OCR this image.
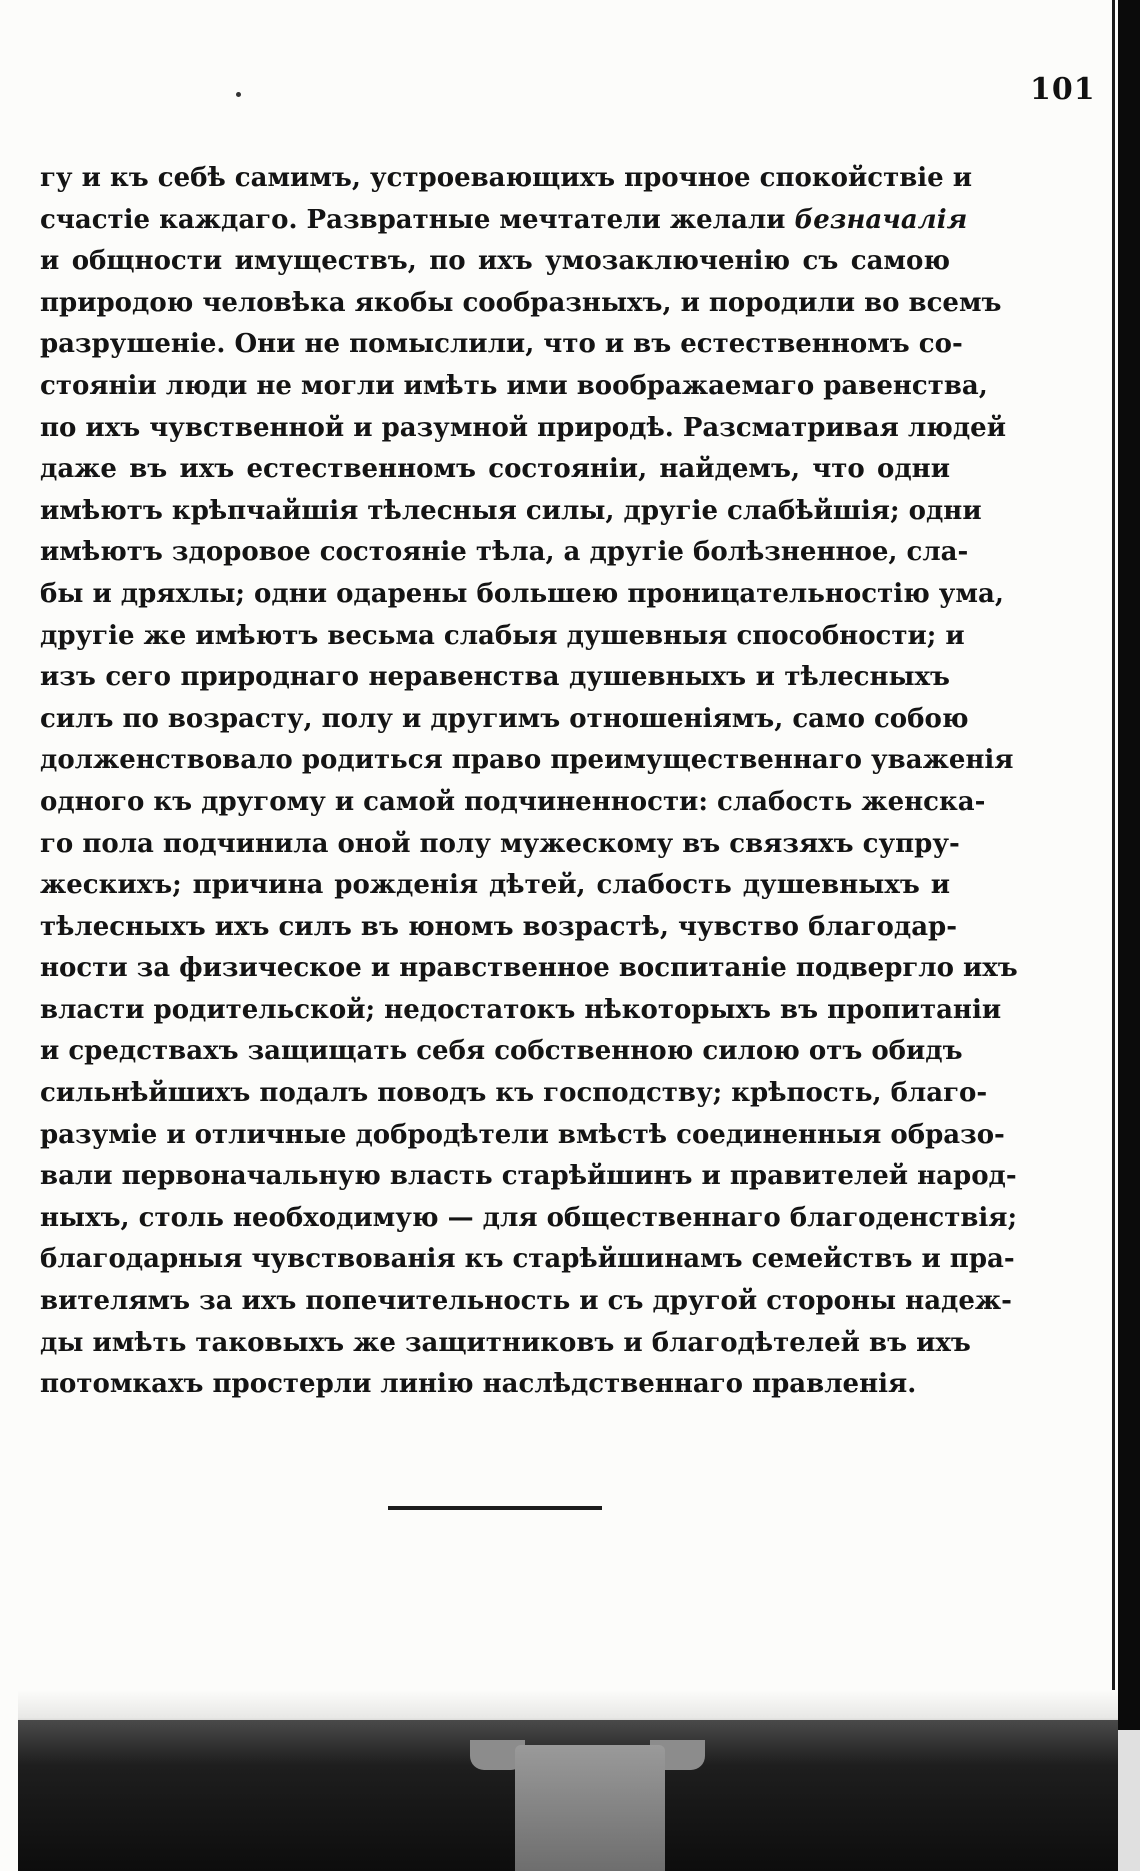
101
гу и къ себѣ самимъ, устроевающихъ прочное спокойствіе и
счастіе каждаго. Развратные мечтатели желали безначалія
и общности имуществъ, по ихъ умозаключенію съ самою
природою человѣка якобы сообразныхъ, и породили во всемъ
разрушеніе. Они не помыслили, что и въ естественномъ со-
стояніи люди не могли имѣть ими воображаемаго равенства,
по ихъ чувственной и разумной природѣ. Разсматривая людей
даже въ ихъ естественномъ состояніи, найдемъ, что одни
имѣютъ крѣпчайшія тѣлесныя силы, другіе слабѣйшія; одни
имѣютъ здоровое состояніе тѣла, а другіе болѣзненное, сла-
бы и дряхлы; одни одарены большею проницательностію ума,
другіе же имѣютъ весьма слабыя душевныя способности; и
изъ сего природнаго неравенства душевныхъ и тѣлесныхъ
силъ по возрасту, полу и другимъ отношеніямъ, само собою
долженствовало родиться право преимущественнаго уваженія
одного къ другому и самой подчиненности: слабость женска-
го пола подчинила оной полу мужескому въ связяхъ супру-
жескихъ; причина рожденія дѣтей, слабость душевныхъ и
тѣлесныхъ ихъ силъ въ юномъ возрастѣ, чувство благодар-
ности за физическое и нравственное воспитаніе подвергло ихъ
власти родительской; недостатокъ нѣкоторыхъ въ пропитаніи
и средствахъ защищать себя собственною силою отъ обидъ
сильнѣйшихъ подалъ поводъ къ господству; крѣпость, благо-
разуміе и отличные добродѣтели вмѣстѣ соединенныя образо-
вали первоначальную власть старѣйшинъ и правителей народ-
ныхъ, столь необходимую — для общественнаго благоденствія;
благодарныя чувствованія къ старѣйшинамъ семействъ и пра-
вителямъ за ихъ попечительность и съ другой стороны надеж-
ды имѣть таковыхъ же защитниковъ и благодѣтелей въ ихъ
потомкахъ простерли линію наслѣдственнаго правленія.
